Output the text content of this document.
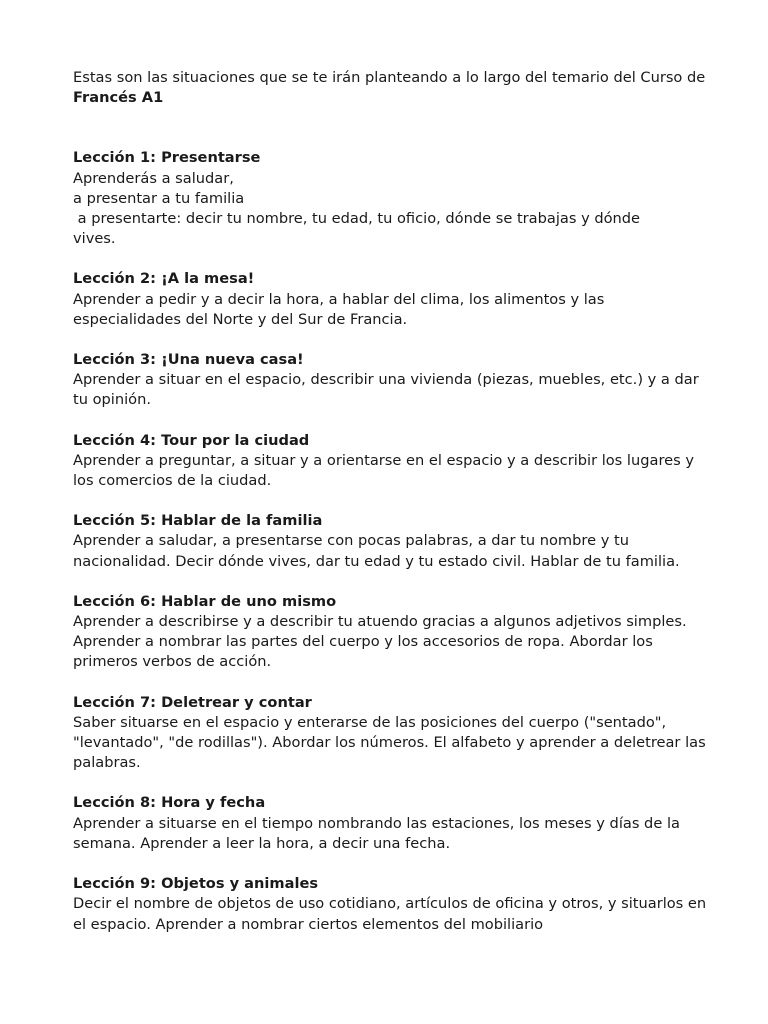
Estas son las situaciones que se te irán planteando a lo largo del temario del Curso de Francés A1

Lección 1: Presentarse
Aprenderás a saludar,
a presentar a tu familia
a presentarte: decir tu nombre, tu edad, tu oficio, dónde se trabajas y dónde
vives.
Lección 2: ¡A la mesa!
Aprender a pedir y a decir la hora, a hablar del clima, los alimentos y las especialidades del Norte y del Sur de Francia.
Lección 3: ¡Una nueva casa!
Aprender a situar en el espacio, describir una vivienda (piezas, muebles, etc.) y a dar tu opinión.
Lección 4: Tour por la ciudad
Aprender a preguntar, a situar y a orientarse en el espacio y a describir los lugares y los comercios de la ciudad.
Lección 5: Hablar de la familia
Aprender a saludar, a presentarse con pocas palabras, a dar tu nombre y tu nacionalidad. Decir dónde vives, dar tu edad y tu estado civil. Hablar de tu familia.
Lección 6: Hablar de uno mismo
Aprender a describirse y a describir tu atuendo gracias a algunos adjetivos simples. Aprender a nombrar las partes del cuerpo y los accesorios de ropa. Abordar los primeros verbos de acción.
Lección 7: Deletrear y contar
Saber situarse en el espacio y enterarse de las posiciones del cuerpo ("sentado", "levantado", "de rodillas"). Abordar los números. El alfabeto y aprender a deletrear las palabras.
Lección 8: Hora y fecha
Aprender a situarse en el tiempo nombrando las estaciones, los meses y días de la semana. Aprender a leer la hora, a decir una fecha.
Lección 9: Objetos y animales
Decir el nombre de objetos de uso cotidiano, artículos de oficina y otros, y situarlos en el espacio. Aprender a nombrar ciertos elementos del mobiliario
